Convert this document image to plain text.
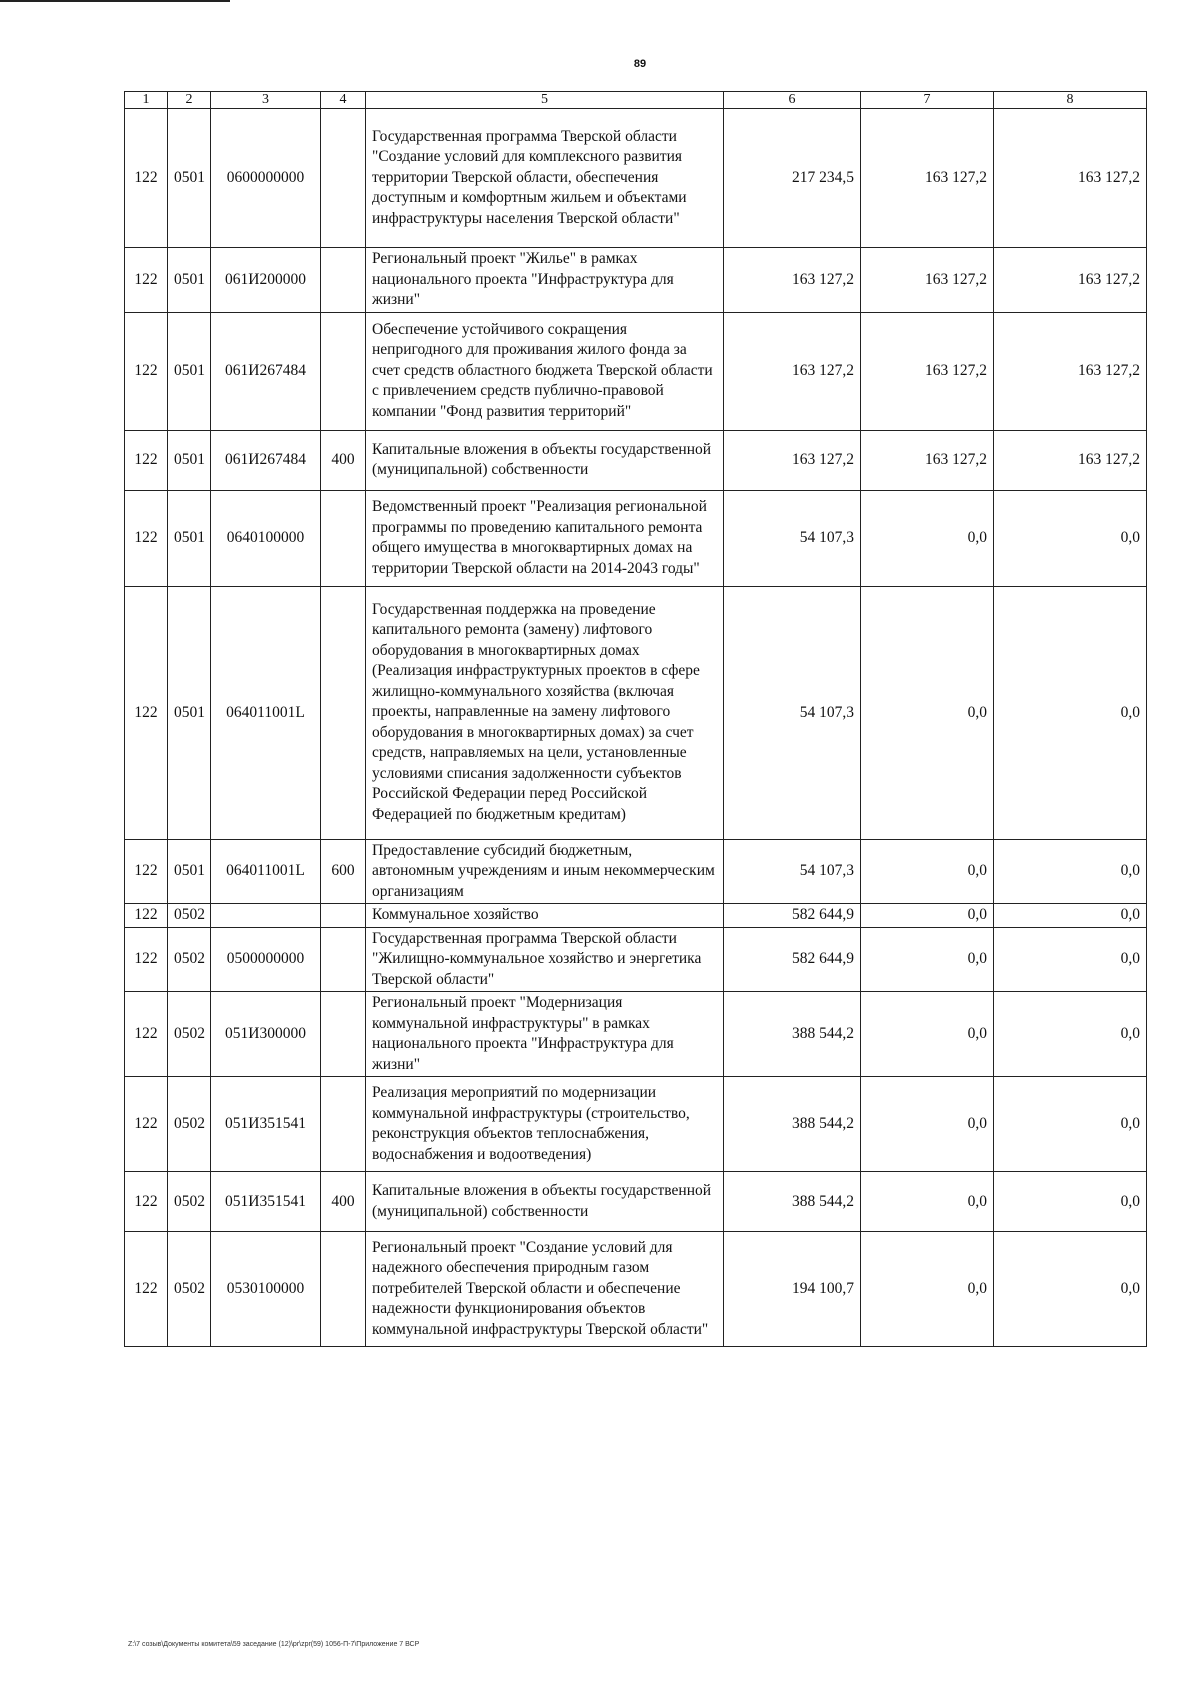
89
1	2	3	4	5	6	7	8
122	0501	0600000000		Государственная программа Тверской области "Создание условий для комплексного развития территории Тверской области, обеспечения доступным и комфортным жильем и объектами инфраструктуры населения Тверской области"	217 234,5	163 127,2	163 127,2
122	0501	061И200000		Региональный проект "Жилье" в рамках национального проекта "Инфраструктура для жизни"	163 127,2	163 127,2	163 127,2
122	0501	061И267484		Обеспечение устойчивого сокращения непригодного для проживания жилого фонда за счет средств областного бюджета Тверской области с привлечением средств публично-правовой компании "Фонд развития территорий"	163 127,2	163 127,2	163 127,2
122	0501	061И267484	400	Капитальные вложения в объекты государственной (муниципальной) собственности	163 127,2	163 127,2	163 127,2
122	0501	0640100000		Ведомственный проект "Реализация региональной программы по проведению капитального ремонта общего имущества в многоквартирных домах на территории Тверской области на 2014-2043 годы"	54 107,3	0,0	0,0
122	0501	064011001L		Государственная поддержка на проведение капитального ремонта (замену) лифтового оборудования в многоквартирных домах (Реализация инфраструктурных проектов в сфере жилищно-коммунального хозяйства (включая проекты, направленные на замену лифтового оборудования в многоквартирных домах) за счет средств, направляемых на цели, установленные условиями списания задолженности субъектов Российской Федерации перед Российской Федерацией по бюджетным кредитам)	54 107,3	0,0	0,0
122	0501	064011001L	600	Предоставление субсидий бюджетным, автономным учреждениям и иным некоммерческим организациям	54 107,3	0,0	0,0
122	0502			Коммунальное хозяйство	582 644,9	0,0	0,0
122	0502	0500000000		Государственная программа Тверской области "Жилищно-коммунальное хозяйство и энергетика Тверской области"	582 644,9	0,0	0,0
122	0502	051И300000		Региональный проект "Модернизация коммунальной инфраструктуры" в рамках национального проекта "Инфраструктура для жизни"	388 544,2	0,0	0,0
122	0502	051И351541		Реализация мероприятий по модернизации коммунальной инфраструктуры (строительство, реконструкция объектов теплоснабжения, водоснабжения и водоотведения)	388 544,2	0,0	0,0
122	0502	051И351541	400	Капитальные вложения в объекты государственной (муниципальной) собственности	388 544,2	0,0	0,0
122	0502	0530100000		Региональный проект "Создание условий для надежного обеспечения природным газом потребителей Тверской области и обеспечение надежности функционирования объектов коммунальной инфраструктуры Тверской области"	194 100,7	0,0	0,0
Z:\7 созыв\Документы комитета\59 заседание (12)\pr\zpr(59) 1056-П-7\Приложение 7 ВСР
